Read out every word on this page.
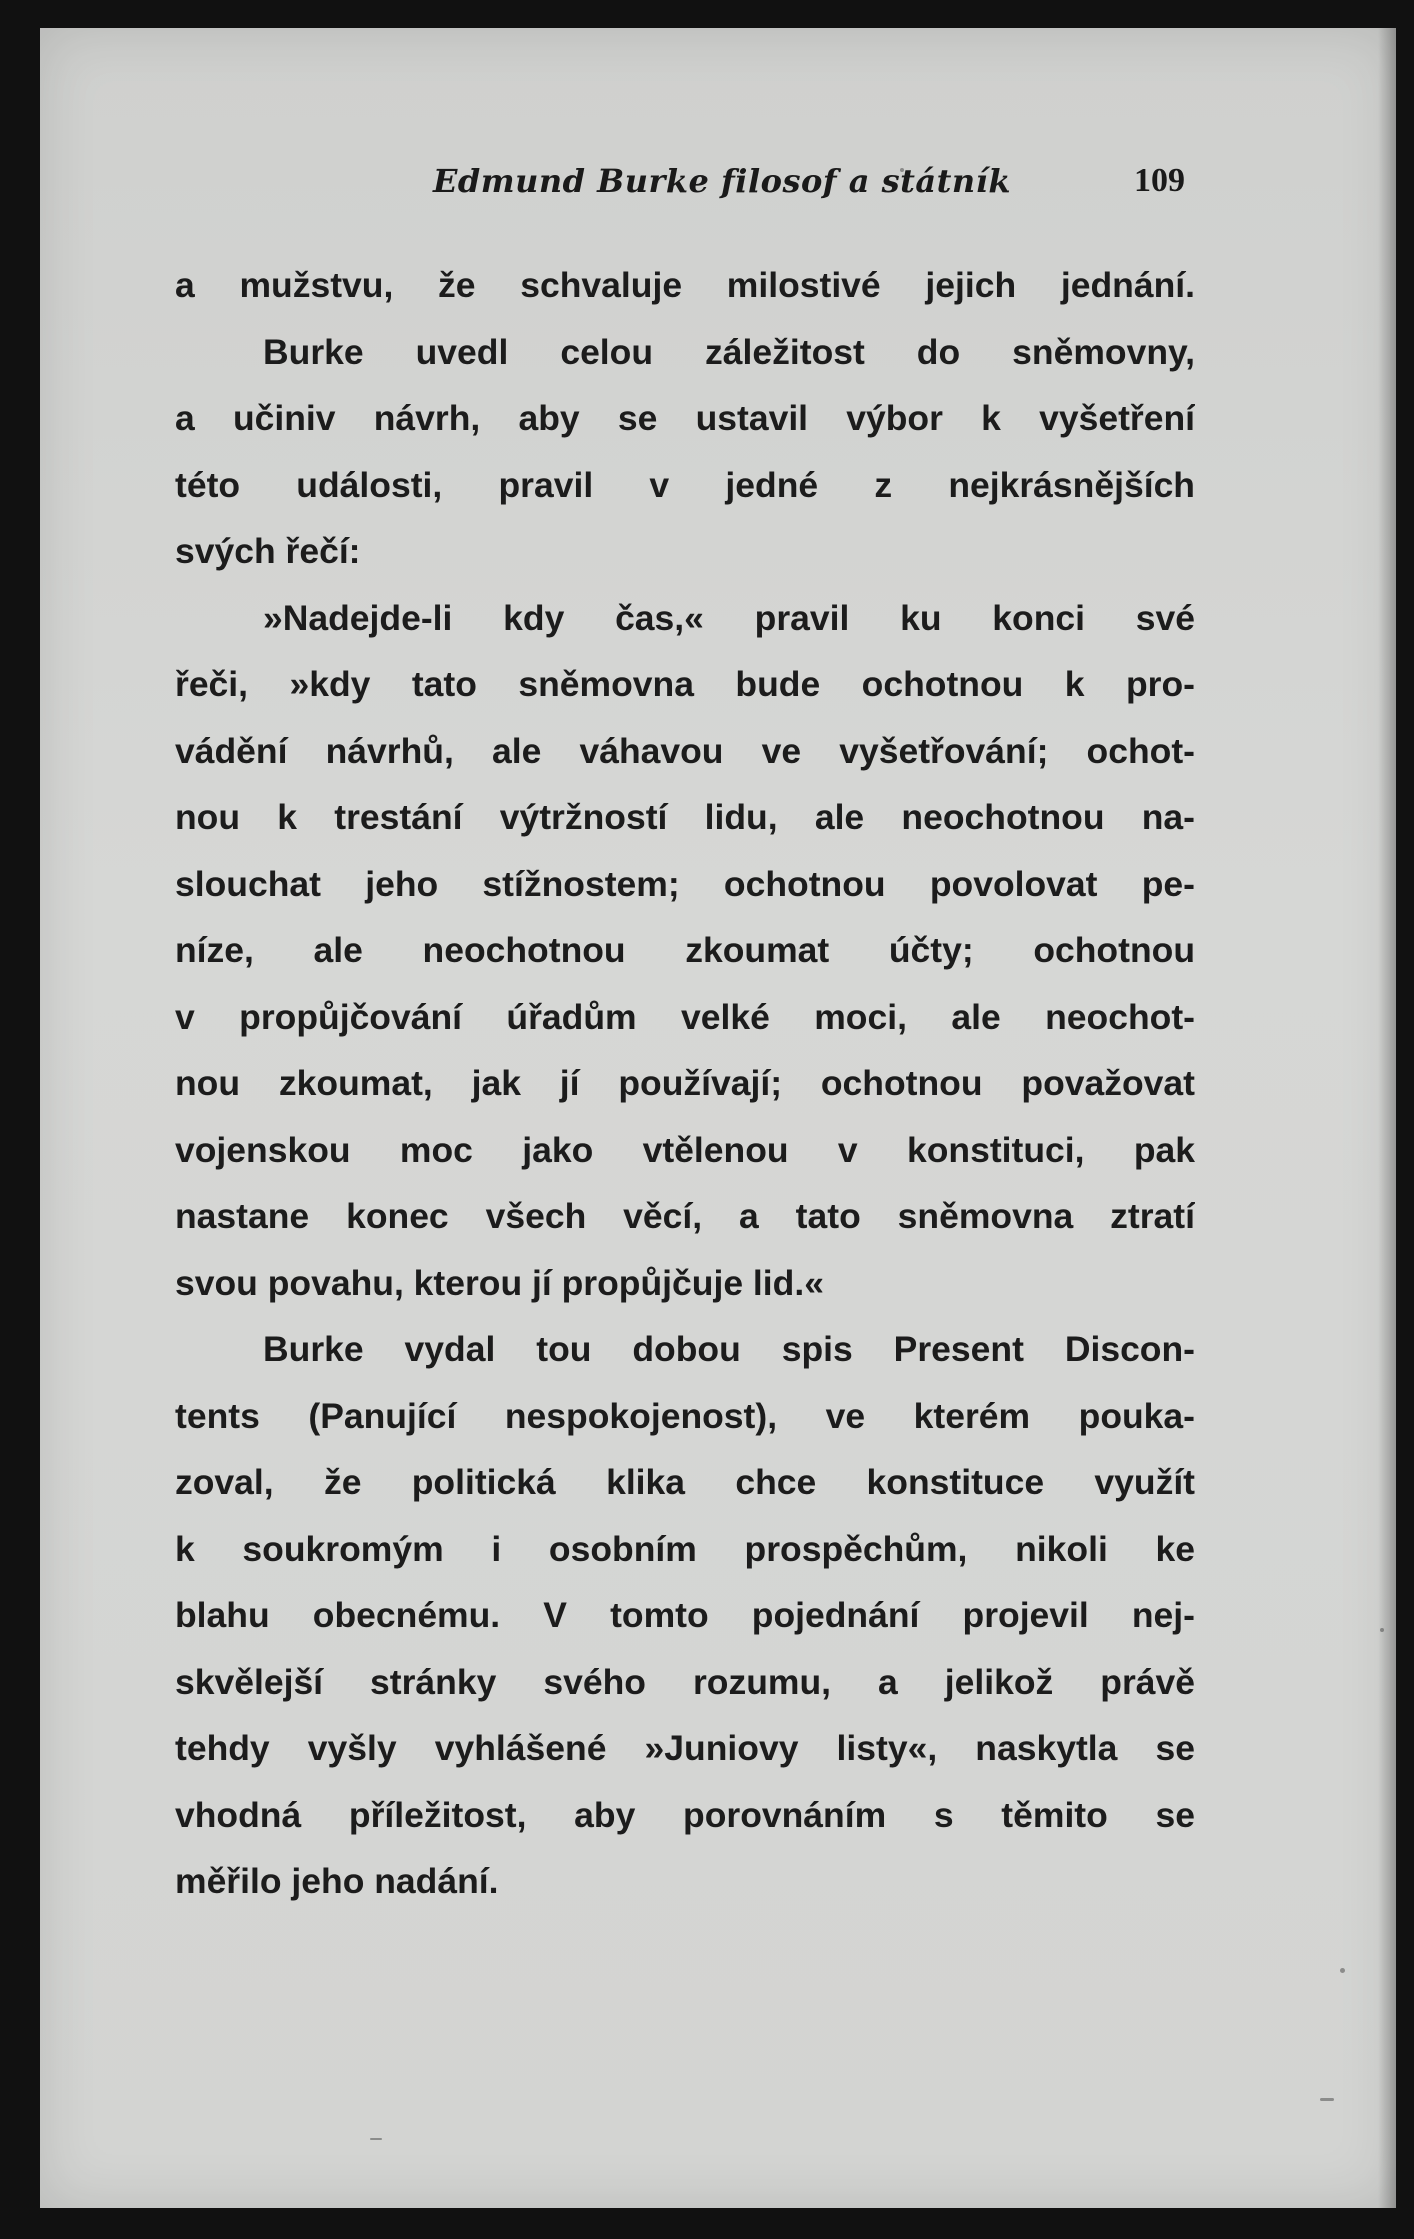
Edmund Burke filosof a státník	109
a mužstvu, že schvaluje milostivé jejich jednání.
Burke uvedl celou záležitost do sněmovny,
a učiniv návrh, aby se ustavil výbor k vyšetření
této události, pravil v jedné z nejkrásnějších
svých řečí:
»Nadejde-li kdy čas,« pravil ku konci své
řeči, »kdy tato sněmovna bude ochotnou k pro-
vádění návrhů, ale váhavou ve vyšetřování; ochot-
nou k trestání výtržností lidu, ale neochotnou na-
slouchat jeho stížnostem; ochotnou povolovat pe-
níze, ale neochotnou zkoumat účty; ochotnou
v propůjčování úřadům velké moci, ale neochot-
nou zkoumat, jak jí používají; ochotnou považovat
vojenskou moc jako vtělenou v konstituci, pak
nastane konec všech věcí, a tato sněmovna ztratí
svou povahu, kterou jí propůjčuje lid.«
Burke vydal tou dobou spis Present Discon-
tents (Panující nespokojenost), ve kterém pouka-
zoval, že politická klika chce konstituce využít
k soukromým i osobním prospěchům, nikoli ke
blahu obecnému. V tomto pojednání projevil nej-
skvělejší stránky svého rozumu, a jelikož právě
tehdy vyšly vyhlášené »Juniovy listy«, naskytla se
vhodná příležitost, aby porovnáním s těmito se
měřilo jeho nadání.
